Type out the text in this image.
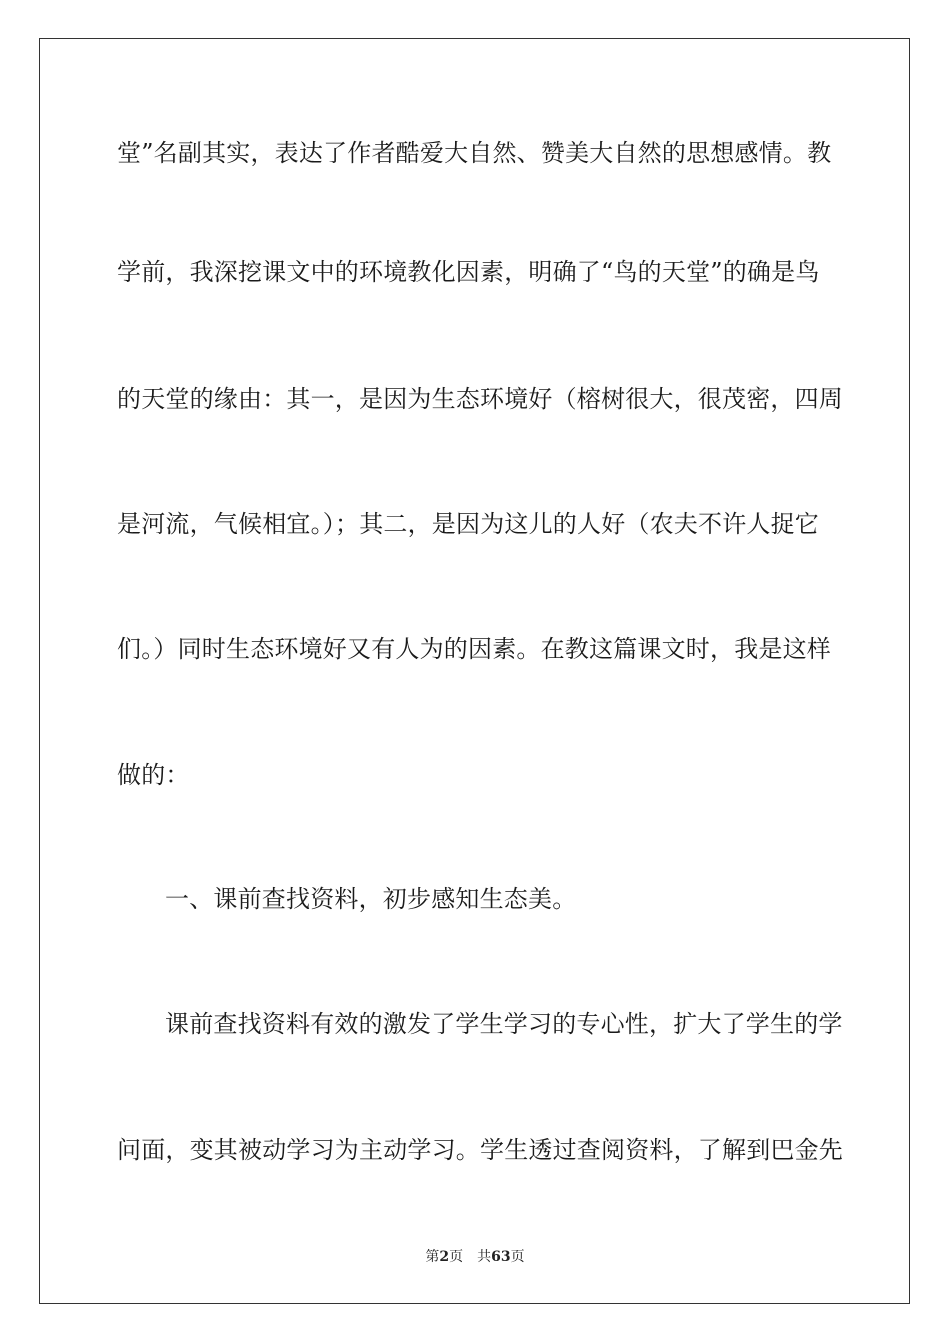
堂”名副其实，表达了作者酷爱大自然、赞美大自然的思想感情。教
学前，我深挖课文中的环境教化因素，明确了“鸟的天堂”的确是鸟
的天堂的缘由：其一，是因为生态环境好（榕树很大，很茂密，四周
是河流，气候相宜。）；其二，是因为这儿的人好（农夫不许人捉它
们。）同时生态环境好又有人为的因素。在教这篇课文时，我是这样
做的：
一、课前查找资料，初步感知生态美。
课前查找资料有效的激发了学生学习的专心性，扩大了学生的学
问面，变其被动学习为主动学习。学生透过查阅资料，了解到巴金先
第2页 共63页
